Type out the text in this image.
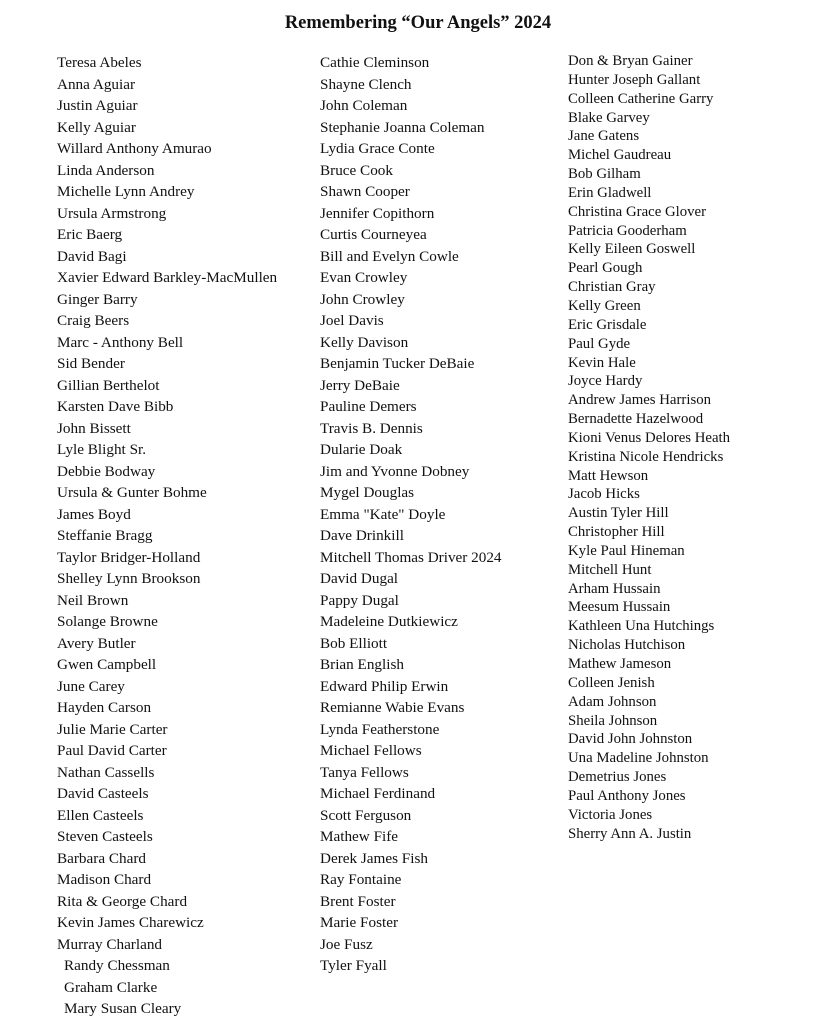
Remembering “Our Angels” 2024
Teresa Abeles
Anna Aguiar
Justin Aguiar
Kelly Aguiar
Willard Anthony Amurao
Linda Anderson
Michelle Lynn Andrey
Ursula Armstrong
Eric Baerg
David Bagi
Xavier Edward Barkley-MacMullen
Ginger Barry
Craig Beers
Marc - Anthony Bell
Sid Bender
Gillian Berthelot
Karsten Dave Bibb
John Bissett
Lyle Blight Sr.
Debbie Bodway
Ursula & Gunter Bohme
James Boyd
Steffanie Bragg
Taylor Bridger-Holland
Shelley Lynn Brookson
Neil Brown
Solange Browne
Avery Butler
Gwen Campbell
June Carey
Hayden Carson
Julie Marie Carter
Paul David Carter
Nathan Cassells
David Casteels
Ellen Casteels
Steven Casteels
Barbara Chard
Madison Chard
Rita & George Chard
Kevin James Charewicz
Murray Charland
Randy Chessman
Graham Clarke
Mary Susan Cleary
Cathie Cleminson
Shayne Clench
John Coleman
Stephanie Joanna Coleman
Lydia Grace Conte
Bruce Cook
Shawn Cooper
Jennifer Copithorn
Curtis Courneyea
Bill and Evelyn Cowle
Evan Crowley
John Crowley
Joel Davis
Kelly Davison
Benjamin Tucker DeBaie
Jerry DeBaie
Pauline Demers
Travis B. Dennis
Dularie Doak
Jim and Yvonne Dobney
Mygel Douglas
Emma "Kate" Doyle
Dave Drinkill
Mitchell Thomas Driver 2024
David Dugal
Pappy Dugal
Madeleine Dutkiewicz
Bob Elliott
Brian English
Edward Philip Erwin
Remianne Wabie Evans
Lynda Featherstone
Michael Fellows
Tanya Fellows
Michael Ferdinand
Scott Ferguson
Mathew Fife
Derek James Fish
Ray Fontaine
Brent Foster
Marie Foster
Joe Fusz
Tyler Fyall
Don & Bryan Gainer
Hunter Joseph Gallant
Colleen Catherine Garry
Blake Garvey
Jane Gatens
Michel Gaudreau
Bob Gilham
Erin Gladwell
Christina Grace Glover
Patricia Gooderham
Kelly Eileen Goswell
Pearl Gough
Christian Gray
Kelly Green
Eric Grisdale
Paul Gyde
Kevin Hale
Joyce Hardy
Andrew James Harrison
Bernadette Hazelwood
Kioni Venus Delores Heath
Kristina Nicole Hendricks
Matt Hewson
Jacob Hicks
Austin Tyler Hill
Christopher Hill
Kyle Paul Hineman
Mitchell Hunt
Arham Hussain
Meesum Hussain
Kathleen Una Hutchings
Nicholas Hutchison
Mathew Jameson
Colleen Jenish
Adam Johnson
Sheila Johnson
David John Johnston
Una Madeline Johnston
Demetrius Jones
Paul Anthony Jones
Victoria Jones
Sherry Ann A. Justin
